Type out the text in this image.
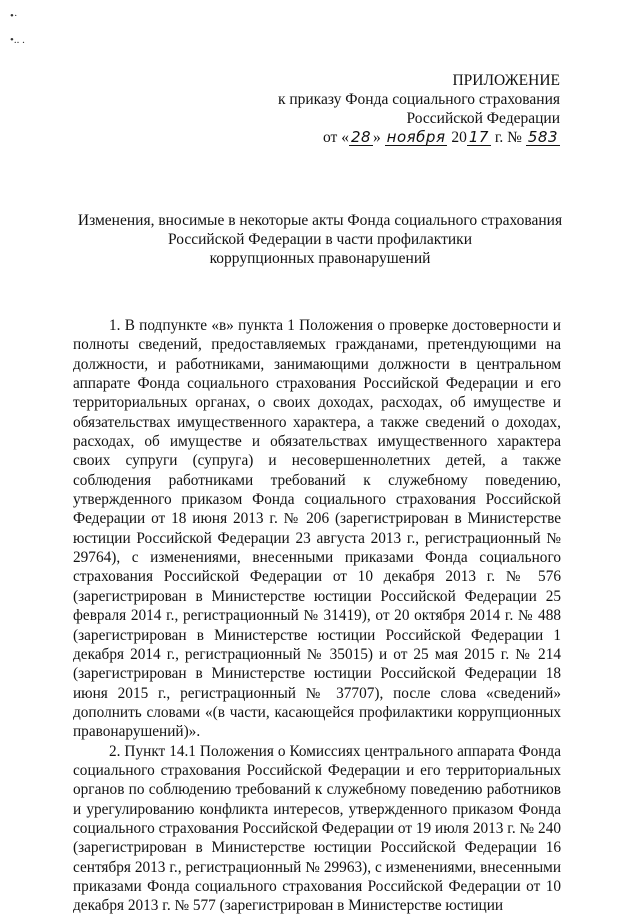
•·
•.. .
ПРИЛОЖЕНИЕ
к приказу Фонда социального страхования
Российской Федерации
от « 28 » ноября 20 17 г. № 583
Изменения, вносимые в некоторые акты Фонда социального страхования
Российской Федерации в части профилактики
коррупционных правонарушений

1. В подпункте «в» пункта 1 Положения о проверке достоверности и полноты сведений, предоставляемых гражданами, претендующими на должности, и работниками, занимающими должности в центральном аппарате Фонда социального страхования Российской Федерации и его территориальных органах, о своих доходах, расходах, об имуществе и обязательствах имущественного характера, а также сведений о доходах, расходах, об имуществе и обязательствах имущественного характера своих супруги (супруга) и несовершеннолетних детей, а также соблюдения работниками требований к служебному поведению, утвержденного приказом Фонда социального страхования Российской Федерации от 18 июня 2013 г. № 206 (зарегистрирован в Министерстве юстиции Российской Федерации 23 августа 2013 г., регистрационный № 29764), с изменениями, внесенными приказами Фонда социального страхования Российской Федерации от 10 декабря 2013 г. № 576 (зарегистрирован в Министерстве юстиции Российской Федерации 25 февраля 2014 г., регистрационный № 31419), от 20 октября 2014 г. № 488 (зарегистрирован в Министерстве юстиции Российской Федерации 1 декабря 2014 г., регистрационный № 35015) и от 25 мая 2015 г. № 214 (зарегистрирован в Министерстве юстиции Российской Федерации 18 июня 2015 г., регистрационный № 37707), после слова «сведений» дополнить словами «(в части, касающейся профилактики коррупционных правонарушений)».

2. Пункт 14.1 Положения о Комиссиях центрального аппарата Фонда социального страхования Российской Федерации и его территориальных органов по соблюдению требований к служебному поведению работников и урегулированию конфликта интересов, утвержденного приказом Фонда социального страхования Российской Федерации от 19 июля 2013 г. № 240 (зарегистрирован в Министерстве юстиции Российской Федерации 16 сентября 2013 г., регистрационный № 29963), с изменениями, внесенными приказами Фонда социального страхования Российской Федерации от 10 декабря 2013 г. № 577 (зарегистрирован в Министерстве юстиции
